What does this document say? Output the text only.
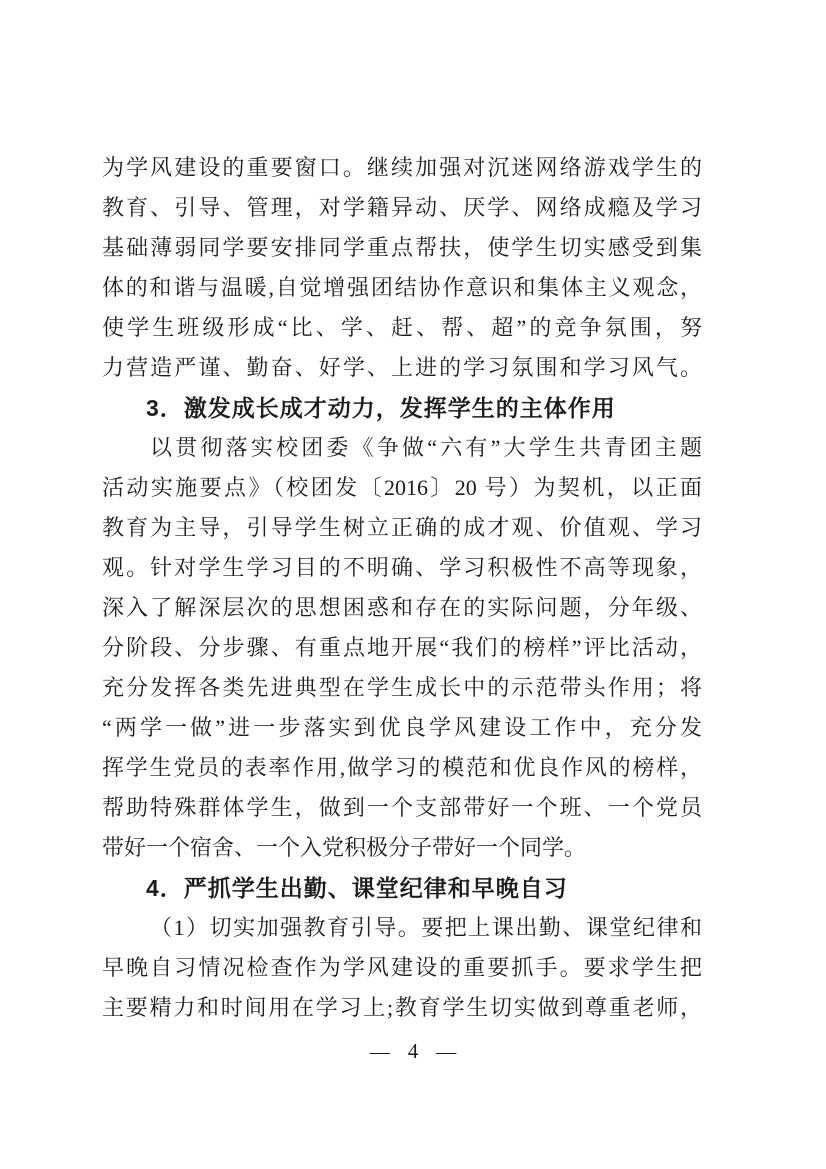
为学风建设的重要窗口。继续加强对沉迷网络游戏学生的
教育、引导、管理，对学籍异动、厌学、网络成瘾及学习
基础薄弱同学要安排同学重点帮扶，使学生切实感受到集
体的和谐与温暖,自觉增强团结协作意识和集体主义观念，
使学生班级形成“比、学、赶、帮、超”的竞争氛围，努
力营造严谨、勤奋、好学、上进的学习氛围和学习风气。
3．激发成长成才动力，发挥学生的主体作用
以贯彻落实校团委《争做“六有”大学生共青团主题
活动实施要点》（校团发〔2016〕20 号）为契机，以正面
教育为主导，引导学生树立正确的成才观、价值观、学习
观。针对学生学习目的不明确、学习积极性不高等现象，
深入了解深层次的思想困惑和存在的实际问题，分年级、
分阶段、分步骤、有重点地开展“我们的榜样”评比活动，
充分发挥各类先进典型在学生成长中的示范带头作用；将
“两学一做”进一步落实到优良学风建设工作中，充分发
挥学生党员的表率作用,做学习的模范和优良作风的榜样，
帮助特殊群体学生，做到一个支部带好一个班、一个党员
带好一个宿舍、一个入党积极分子带好一个同学。
4．严抓学生出勤、课堂纪律和早晚自习
（1）切实加强教育引导。要把上课出勤、课堂纪律和
早晚自习情况检查作为学风建设的重要抓手。要求学生把
主要精力和时间用在学习上;教育学生切实做到尊重老师，
— 4 —
